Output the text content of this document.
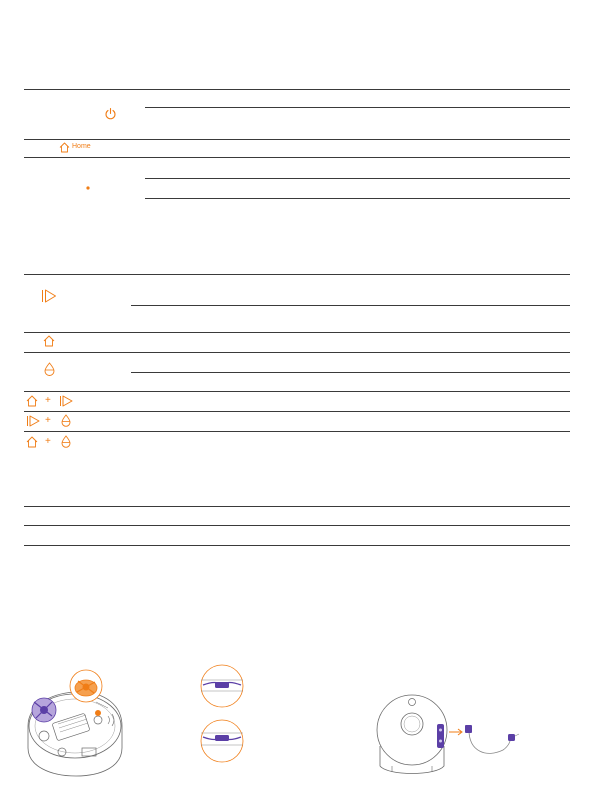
Home
+
+
+
